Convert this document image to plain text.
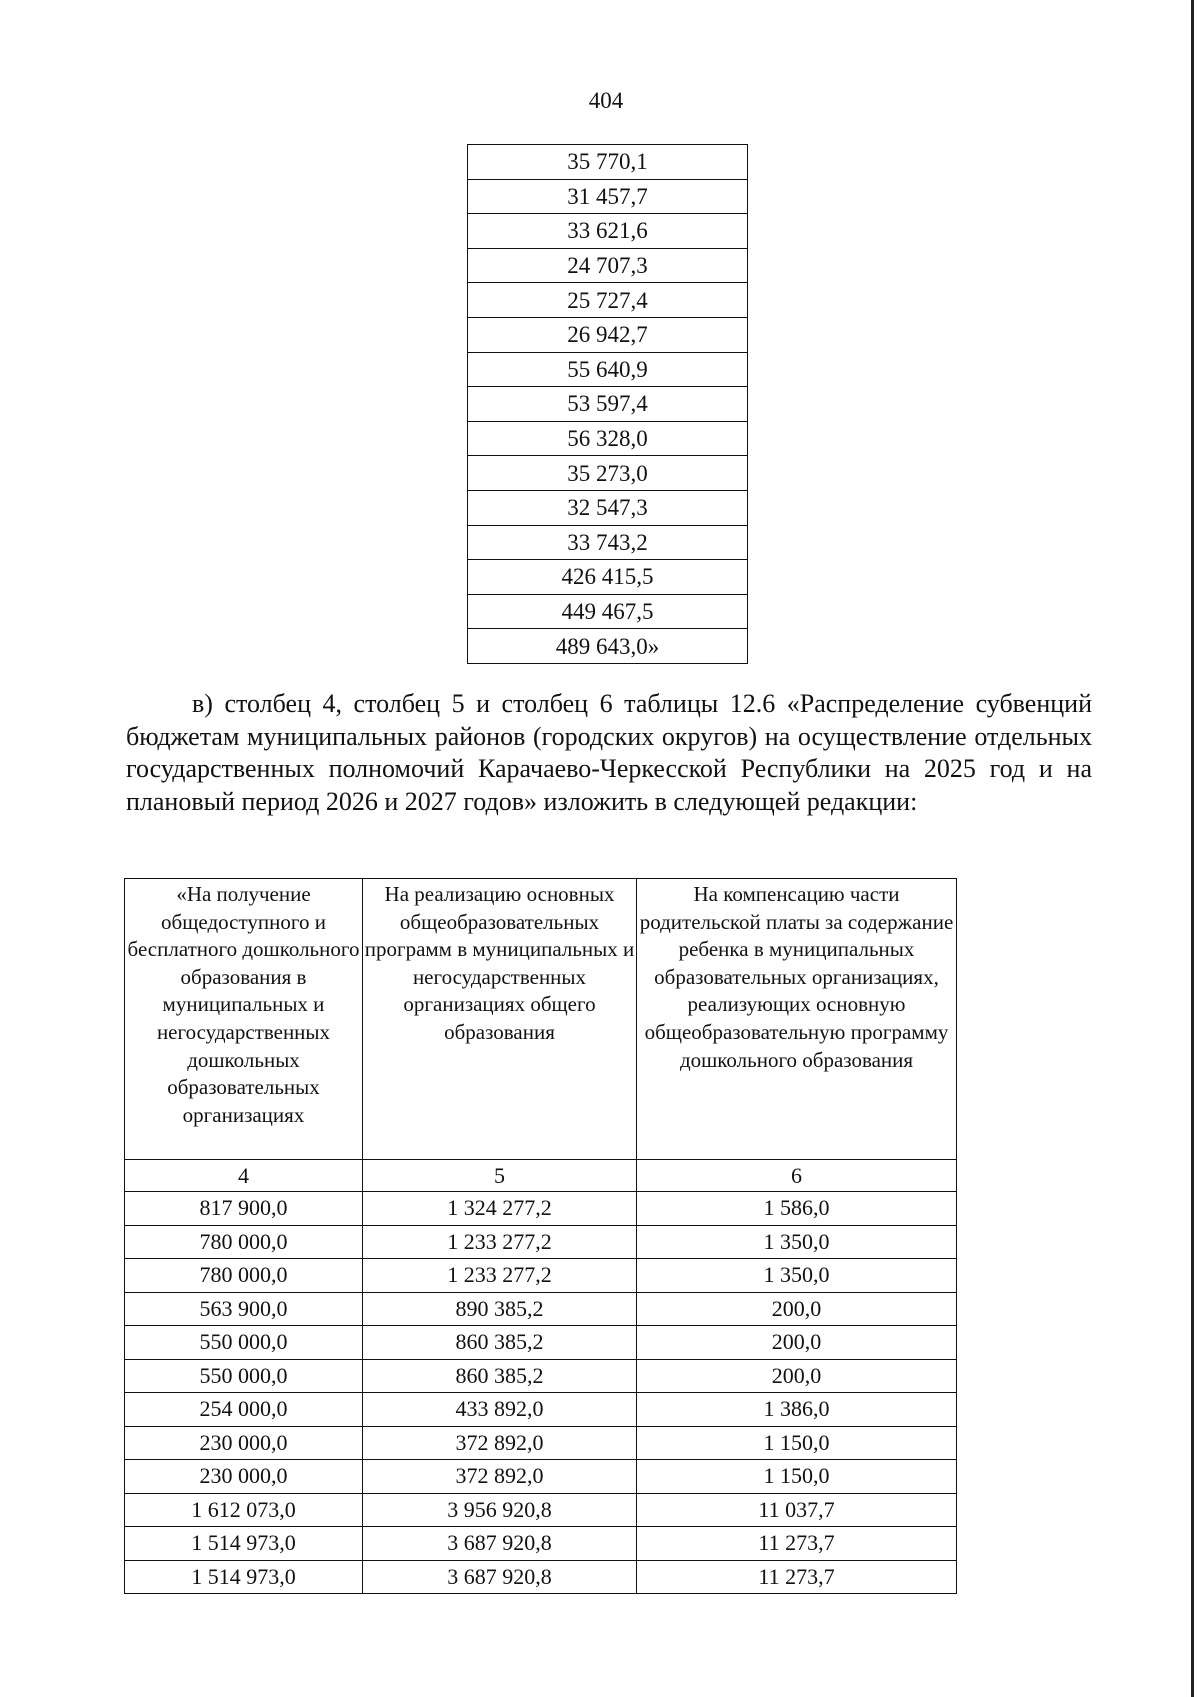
404
35 770,1
31 457,7
33 621,6
24 707,3
25 727,4
26 942,7
55 640,9
53 597,4
56 328,0
35 273,0
32 547,3
33 743,2
426 415,5
449 467,5
489 643,0»

в) столбец 4, столбец 5 и столбец 6 таблицы 12.6 «Распределение субвенций бюджетам муниципальных районов (городских округов) на осуществление отдельных государственных полномочий Карачаево-Черкесской Республики на 2025 год и на плановый период 2026 и 2027 годов» изложить в следующей редакции:

«На получение общедоступного и бесплатного дошкольного образования в муниципальных и негосударственных дошкольных образовательных организациях	На реализацию основных общеобразовательных программ в муниципальных и негосударственных организациях общего образования	На компенсацию части родительской платы за содержание ребенка в муниципальных образовательных организациях, реализующих основную общеобразовательную программу дошкольного образования
4	5	6
817 900,0	1 324 277,2	1 586,0
780 000,0	1 233 277,2	1 350,0
780 000,0	1 233 277,2	1 350,0
563 900,0	890 385,2	200,0
550 000,0	860 385,2	200,0
550 000,0	860 385,2	200,0
254 000,0	433 892,0	1 386,0
230 000,0	372 892,0	1 150,0
230 000,0	372 892,0	1 150,0
1 612 073,0	3 956 920,8	11 037,7
1 514 973,0	3 687 920,8	11 273,7
1 514 973,0	3 687 920,8	11 273,7
